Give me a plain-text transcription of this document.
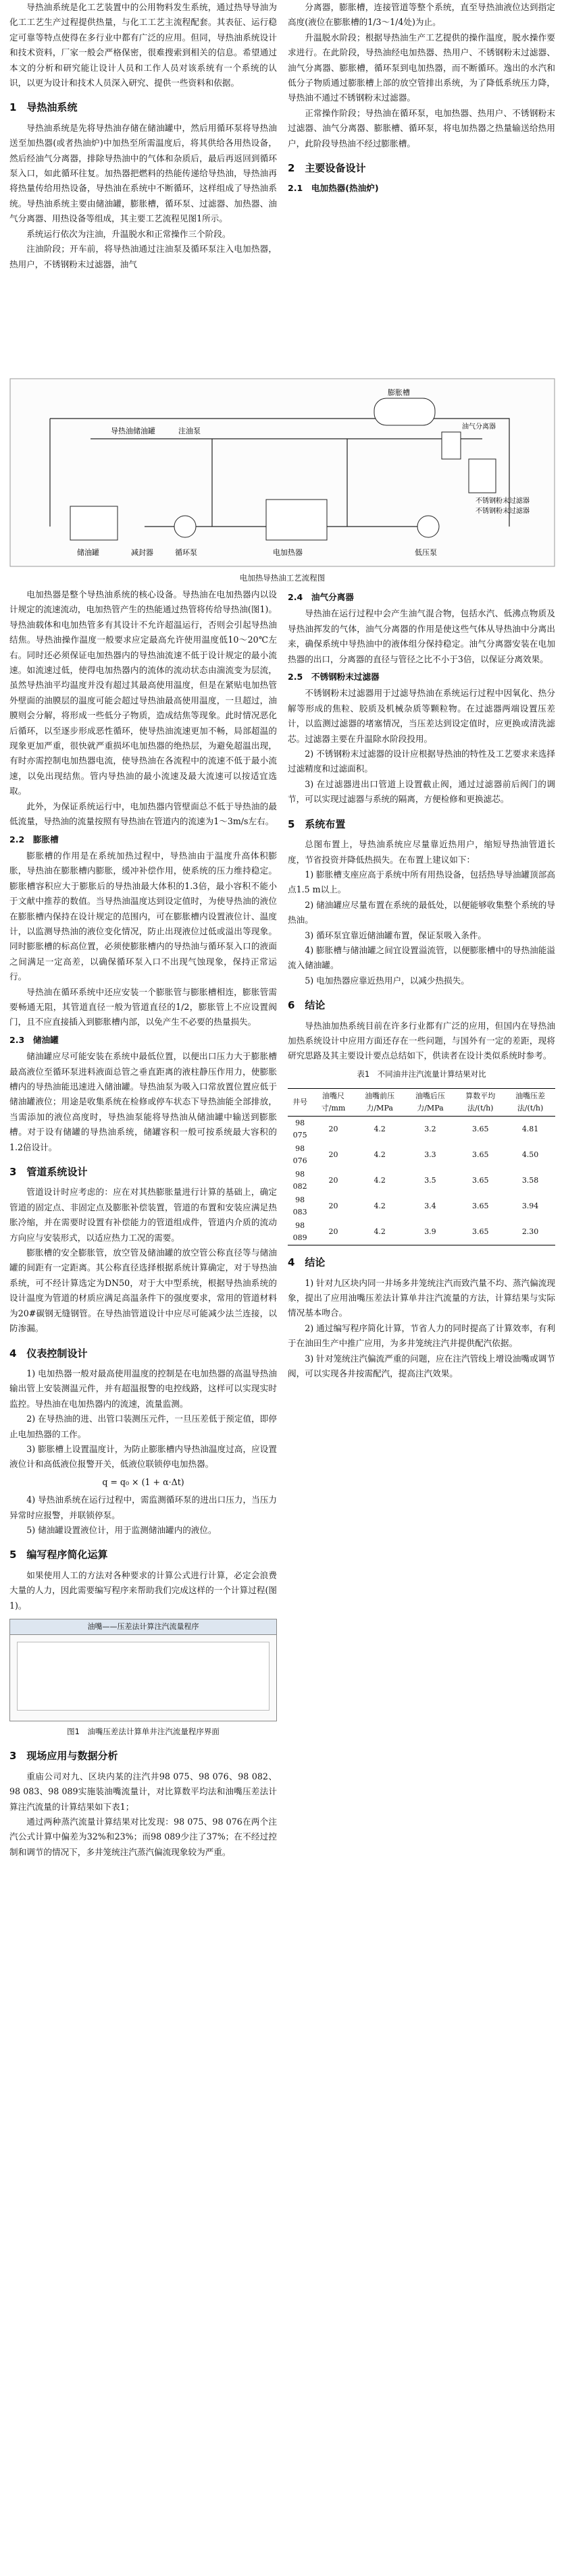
导热油系统是化工艺装置中的公用物料发生系统，通过热导导油为化工工艺生产过程提供热量，与化工工艺主流程配套。其表征、运行稳定可靠等特点使得在多行业中都有广泛的应用。但同，导热油系统设计和技术资料，厂家一般会严格保密，很难搜索到相关的信息。希望通过本文的分析和研究能让设计人员和工作人员对该系统有一个系统的认识，以更为设计和技术人员深入研究、提供一些资料和依据。

1　导热油系统

导热油系统是先将导热油存储在储油罐中，然后用循环泵将导热油送至加热器(或者热油炉)中加热至所需温度后，将其供给各用热设备，然后经油气分离器，排除导热油中的气体和杂质后，最后再返回到循环泵入口，如此循环往复。加热器把燃料的热能传递给导热油，导热油再将热量传给用热设备，导热油在系统中不断循环，这样组成了导热油系统。导热油系统主要由储油罐，膨胀槽，循环泵、过滤器、加热器、油气分离器、用热设备等组成，其主要工艺流程见图1所示。

系统运行依次为注油，升温脱水和正常操作三个阶段。

注油阶段；开车前，将导热油通过注油泵及循环泵注入电加热器，热用户，不锈钢粉末过滤器，油气

导热油储油罐	注油泵
不锈钢粉末过滤器
油气分离器
不锈钢粉末过滤器
膨胀槽
储油罐	减封器	循环泵	电加热器	低压泵
电加热导热油工艺流程图

电加热器是整个导热油系统的核心设备。导热油在电加热器内以设计规定的流速流动，电加热管产生的热能通过热管将传给导热油(图1)。导热油载体和电加热管多有其设计不允许超温运行，否则会引起导热油结焦。导热油操作温度一般要求应定最高允许使用温度低10～20℃左右。同时还必须保证电加热器内的导热油流速不低于设计规定的最小流速。如流速过低，使得电加热器内的流体的流动状态由湍流变为层流，虽然导热油平均温度并没有超过其最高使用温度，但是在紧贴电加热管外壁面的油膜层的温度可能会超过导热油最高使用温度，一旦超过，油膜则会分解，将形成一些低分子物质，造成结焦等现象。此时情况恶化后循环，以至逐步形成恶性循环，使导热油流速更加不畅，局部超温的现象更加严重，很快就严重损坏电加热器的绝热层，为避免超温出现，有时亦需控制电加热器电流，使导热油在各流程中的流速不低于最小流速，以免出现结焦。管内导热油的最小流速及最大流速可以按适宜选取。

此外，为保证系统运行中，电加热器内管壁面总不低于导热油的最低流量，导热油的流量按照有导热油在管道内的流速为1～3m/s左右。

2.2　膨胀槽

膨胀槽的作用是在系统加热过程中，导热油由于温度升高体积膨胀，导热油在膨胀槽内膨胀，缓冲补偿作用，使系统的压力维持稳定。膨胀槽容积应大于膨胀后的导热油最大体积的1.3倍，最小容积不能小于文献中推荐的数值。当导热油温度达到设定值时，为使导热油的液位在膨胀槽内保持在设计规定的范围内，可在膨胀槽内设置液位计、温度计，以监测导热油的液位变化情况，防止出现液位过低或溢出等现象。同时膨胀槽的标高位置，必须使膨胀槽内的导热油与循环泵入口的液面之间满足一定高差，以确保循环泵入口不出现气蚀现象，保持正常运行。

导热油在循环系统中还应安装一个膨胀管与膨胀槽相连，膨胀管需要畅通无阻，其管道直径一般为管道直径的1/2，膨胀管上不应设置阀门，且不应直接插入到膨胀槽内部，以免产生不必要的热量损失。

2.3　储油罐

储油罐应尽可能安装在系统中最低位置，以便出口压力大于膨胀槽最高液位至循环泵进料液面总管之垂直距离的液柱静压作用力，使膨胀槽内的导热油能迅速进入储油罐。导热油泵为吸入口常放置位置应低于储油罐液位；用途是收集系统在检修或停车状态下导热油能全部排放，当需添加的液位高度时，导热油泵能将导热油从储油罐中输送到膨胀槽。对于设有储罐的导热油系统，储罐容积一般可按系统最大容积的1.2倍设计。

3　管道系统设计

管道设计时应考虑的：应在对其热膨胀量进行计算的基础上，确定管道的固定点、非固定点及膨胀补偿装置，管道的布置和安装应满足热胀冷缩，并在需要时设置有补偿能力的管道组成件，管道内介质的流动方向应与安装形式，以适应热力工况的需要。

膨胀槽的安全膨胀管，放空管及储油罐的放空管公称直径等与储油罐的间距有一定距离。其公称直径选择根据系统计算确定，对于导热油系统，可不经计算选定为DN50，对于大中型系统，根据导热油系统的设计温度为管道的材质应满足高温条件下的强度要求，常用的管道材料为20#碳钢无缝钢管。在导热油管道设计中应尽可能减少法兰连接，以防渗漏。

4　仪表控制设计

1) 电加热器一般对最高使用温度的控制是在电加热器的高温导热油输出管上安装测温元件，并有超温报警的电控线路，这样可以实现实时监控。导热油在电加热器内的流速，流量监测。

2) 在导热油的进、出管口装测压元件，一旦压差低于预定值，即停止电加热器的工作。

3) 膨胀槽上设置温度计，为防止膨胀槽内导热油温度过高，应设置液位计和高低液位报警开关，低液位联锁停电加热器。

q = q₀ × (1 + α·Δt)

4) 导热油系统在运行过程中，需监测循环泵的进出口压力，当压力异常时应报警，并联锁停泵。

5) 储油罐设置液位计，用于监测储油罐内的液位。

5　编写程序简化运算

如果使用人工的方法对各种要求的计算公式进行计算，必定会浪费大量的人力，因此需要编写程序来帮助我们完成这样的一个计算过程(图1)。

油嘴——压差法计算注汽流量程序
图1　油嘴压差法计算单井注汽流量程序界面
3　现场应用与数据分析

重庙公司对九、区块内某的注汽井98 075、98 076、98 082、98 083、98 089实施装油嘴流量计，对比算数平均法和油嘴压差法计算注汽流量的计算结果如下表1；

通过两种蒸汽流量计算结果对比发现：98 075、98 076在两个注汽公式计算中偏差为32%和23%；而98 089少注了37%；在不经过控制和调节的情况下，多井笼统注汽蒸汽偏流现象较为严重。

分离器，膨胀槽，连接管道等整个系统，直至导热油液位达到指定高度(液位在膨胀槽的1/3～1/4处)为止。

升温脱水阶段；根据导热油生产工艺提供的操作温度，脱水操作要求进行。在此阶段，导热油经电加热器、热用户、不锈钢粉末过滤器、油气分离器、膨胀槽，循环泵到电加热器，而不断循环。逸出的水汽和低分子物质通过膨胀槽上部的放空管排出系统，为了降低系统压力降，导热油不通过不锈钢粉末过滤器。

正常操作阶段；导热油在循环泵，电加热器、热用户、不锈钢粉末过滤器、油气分离器、膨胀槽、循环泵，将电加热器之热量输送给热用户，此阶段导热油不经过膨胀槽。

2　主要设备设计
2.1　电加热器(热油炉)
2.4　油气分离器

导热油在运行过程中会产生油气混合物，包括水汽、低沸点物质及导热油挥发的气体，油气分离器的作用是使这些气体从导热油中分离出来，确保系统中导热油中的液体组分保持稳定。油气分离器安装在电加热器的出口，分离器的直径与管径之比不小于3倍，以保证分离效果。

2.5　不锈钢粉末过滤器

不锈钢粉末过滤器用于过滤导热油在系统运行过程中因氧化、热分解等形成的焦粒、胶质及机械杂质等颗粒物。在过滤器两端设置压差计，以监测过滤器的堵塞情况，当压差达到设定值时，应更换或清洗滤芯。过滤器主要在升温除水阶段投用。

2) 不锈钢粉末过滤器的设计应根据导热油的特性及工艺要求来选择过滤精度和过滤面积。

3) 在过滤器进出口管道上设置截止阀，通过过滤器前后阀门的调节，可以实现过滤器与系统的隔离，方便检修和更换滤芯。

5　系统布置

总图布置上，导热油系统应尽量靠近热用户，缩短导热油管道长度，节省投资并降低热损失。在布置上建议如下：

1) 膨胀槽支座应高于系统中所有用热设备，包括热导导油罐顶部高点1.5 m以上。

2) 储油罐应尽量布置在系统的最低处，以便能够收集整个系统的导热油。

3) 循环泵宜靠近储油罐布置，保证泵吸入条件。

4) 膨胀槽与储油罐之间宜设置溢流管，以便膨胀槽中的导热油能溢流入储油罐。

5) 电加热器应靠近热用户，以减少热损失。

6　结论

导热油加热系统目前在许多行业都有广泛的应用，但国内在导热油加热系统设计中应用方面还存在一些问题，与国外有一定的差距，现将研究思路及其主要设计要点总结如下，供读者在设计类似系统时参考。

表1　不同油井注汽流量计算结果对比
井号	油嘴尺寸/mm	油嘴前压力/MPa	油嘴后压力/MPa	算数平均法/(t/h)	油嘴压差法/(t/h)
98 075	20	4.2	3.2	3.65	4.81
98 076	20	4.2	3.3	3.65	4.50
98 082	20	4.2	3.5	3.65	3.58
98 083	20	4.2	3.4	3.65	3.94
98 089	20	4.2	3.9	3.65	2.30
4　结论

1) 针对九区块内同一井场多井笼统注汽而致汽量不均、蒸汽偏流现象，提出了应用油嘴压差法计算单井注汽流量的方法，计算结果与实际情况基本吻合。

2) 通过编写程序简化计算，节省人力的同时提高了计算效率，有利于在油田生产中推广应用，为多井笼统注汽井提供配汽依据。

3) 针对笼统注汽偏流严重的问题，应在注汽管线上增设油嘴或调节阀，可以实现各井按需配汽，提高注汽效果。
